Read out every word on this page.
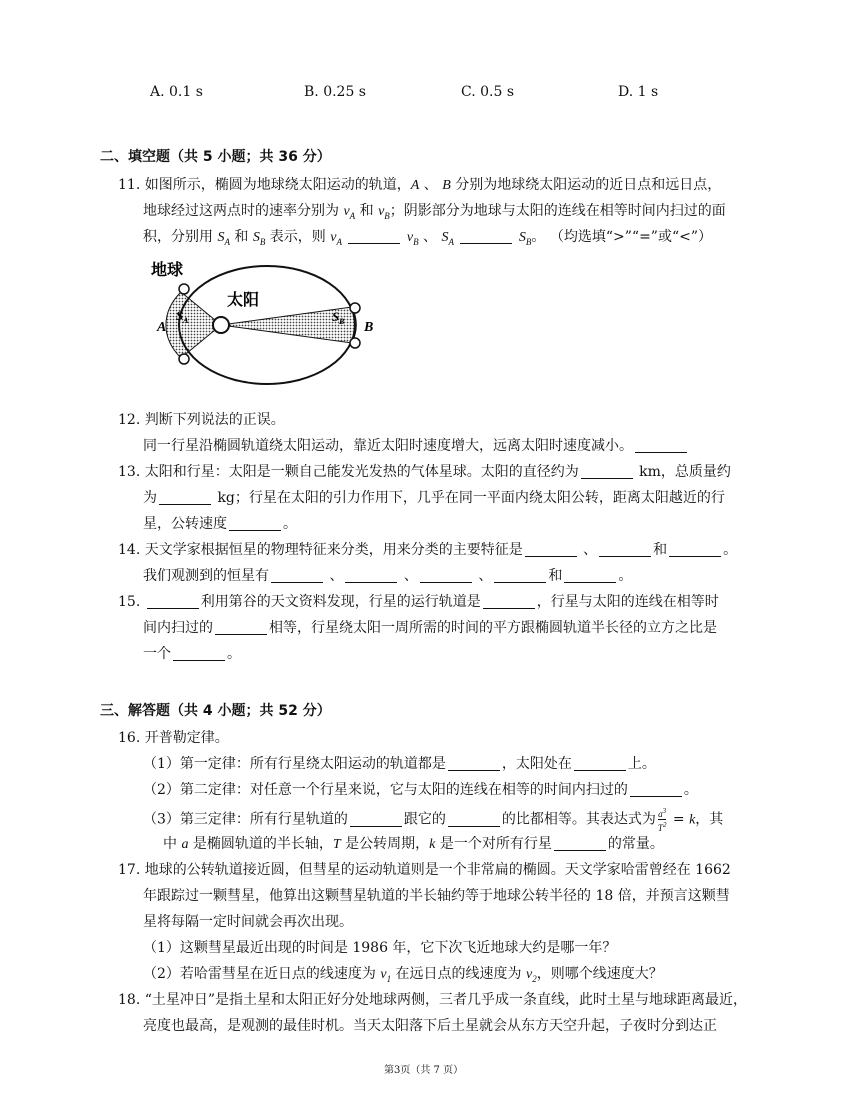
A. 0.1 s	B. 0.25 s	C. 0.5 s	D. 1 s
二、填空题（共 5 小题；共 36 分）
11. 如图所示，椭圆为地球绕太阳运动的轨道，A 、 B 分别为地球绕太阳运动的近日点和远日点，
地球经过这两点时的速率分别为 $v_A$ 和 $v_B$；阴影部分为地球与太阳的连线在相等时间内扫过的面
积，分别用 $S_A$ 和 $S_B$ 表示，则 $v_A$	$v_B$ 、 $S_A$	$S_B$。 （均选填“>”“=”或“<”）
地球
太阳
A	B
S A	S B
12. 判断下列说法的正误。
同一行星沿椭圆轨道绕太阳运动，靠近太阳时速度增大，远离太阳时速度减小。
13. 太阳和行星：太阳是一颗自己能发光发热的气体星球。太阳的直径约为	km，总质量约
为	kg；行星在太阳的引力作用下，几乎在同一平面内绕太阳公转，距离太阳越近的行
星，公转速度	。
14. 天文学家根据恒星的物理特征来分类，用来分类的主要特征是	、	和	。
我们观测到的恒星有	、	、	、	和	。
15.	利用第谷的天文资料发现，行星的运行轨道是	，行星与太阳的连线在相等时
间内扫过的	相等，行星绕太阳一周所需的时间的平方跟椭圆轨道半长径的立方之比是
一个	。
三、解答题（共 4 小题；共 52 分）
16. 开普勒定律。
（1）第一定律：所有行星绕太阳运动的轨道都是	，太阳处在	上。
（2）第二定律：对任意一个行星来说，它与太阳的连线在相等的时间内扫过的	。
（3）第三定律：所有行星轨道的	跟它的	的比都相等。其表达式为 $\frac{a^3}{T^2} = k$，其
中 a 是椭圆轨道的半长轴，T 是公转周期，k 是一个对所有行星	的常量。
17. 地球的公转轨道接近圆，但彗星的运动轨道则是一个非常扁的椭圆。天文学家哈雷曾经在 1662
年跟踪过一颗彗星，他算出这颗彗星轨道的半长轴约等于地球公转半径的 18 倍，并预言这颗彗
星将每隔一定时间就会再次出现。
（1）这颗彗星最近出现的时间是 1986 年，它下次飞近地球大约是哪一年？
（2）若哈雷彗星在近日点的线速度为 $v_1$ 在远日点的线速度为 $v_2$，则哪个线速度大？
18. “土星冲日”是指土星和太阳正好分处地球两侧，三者几乎成一条直线，此时土星与地球距离最近，
亮度也最高，是观测的最佳时机。当天太阳落下后土星就会从东方天空升起，子夜时分到达正
第3页（共 7 页）
